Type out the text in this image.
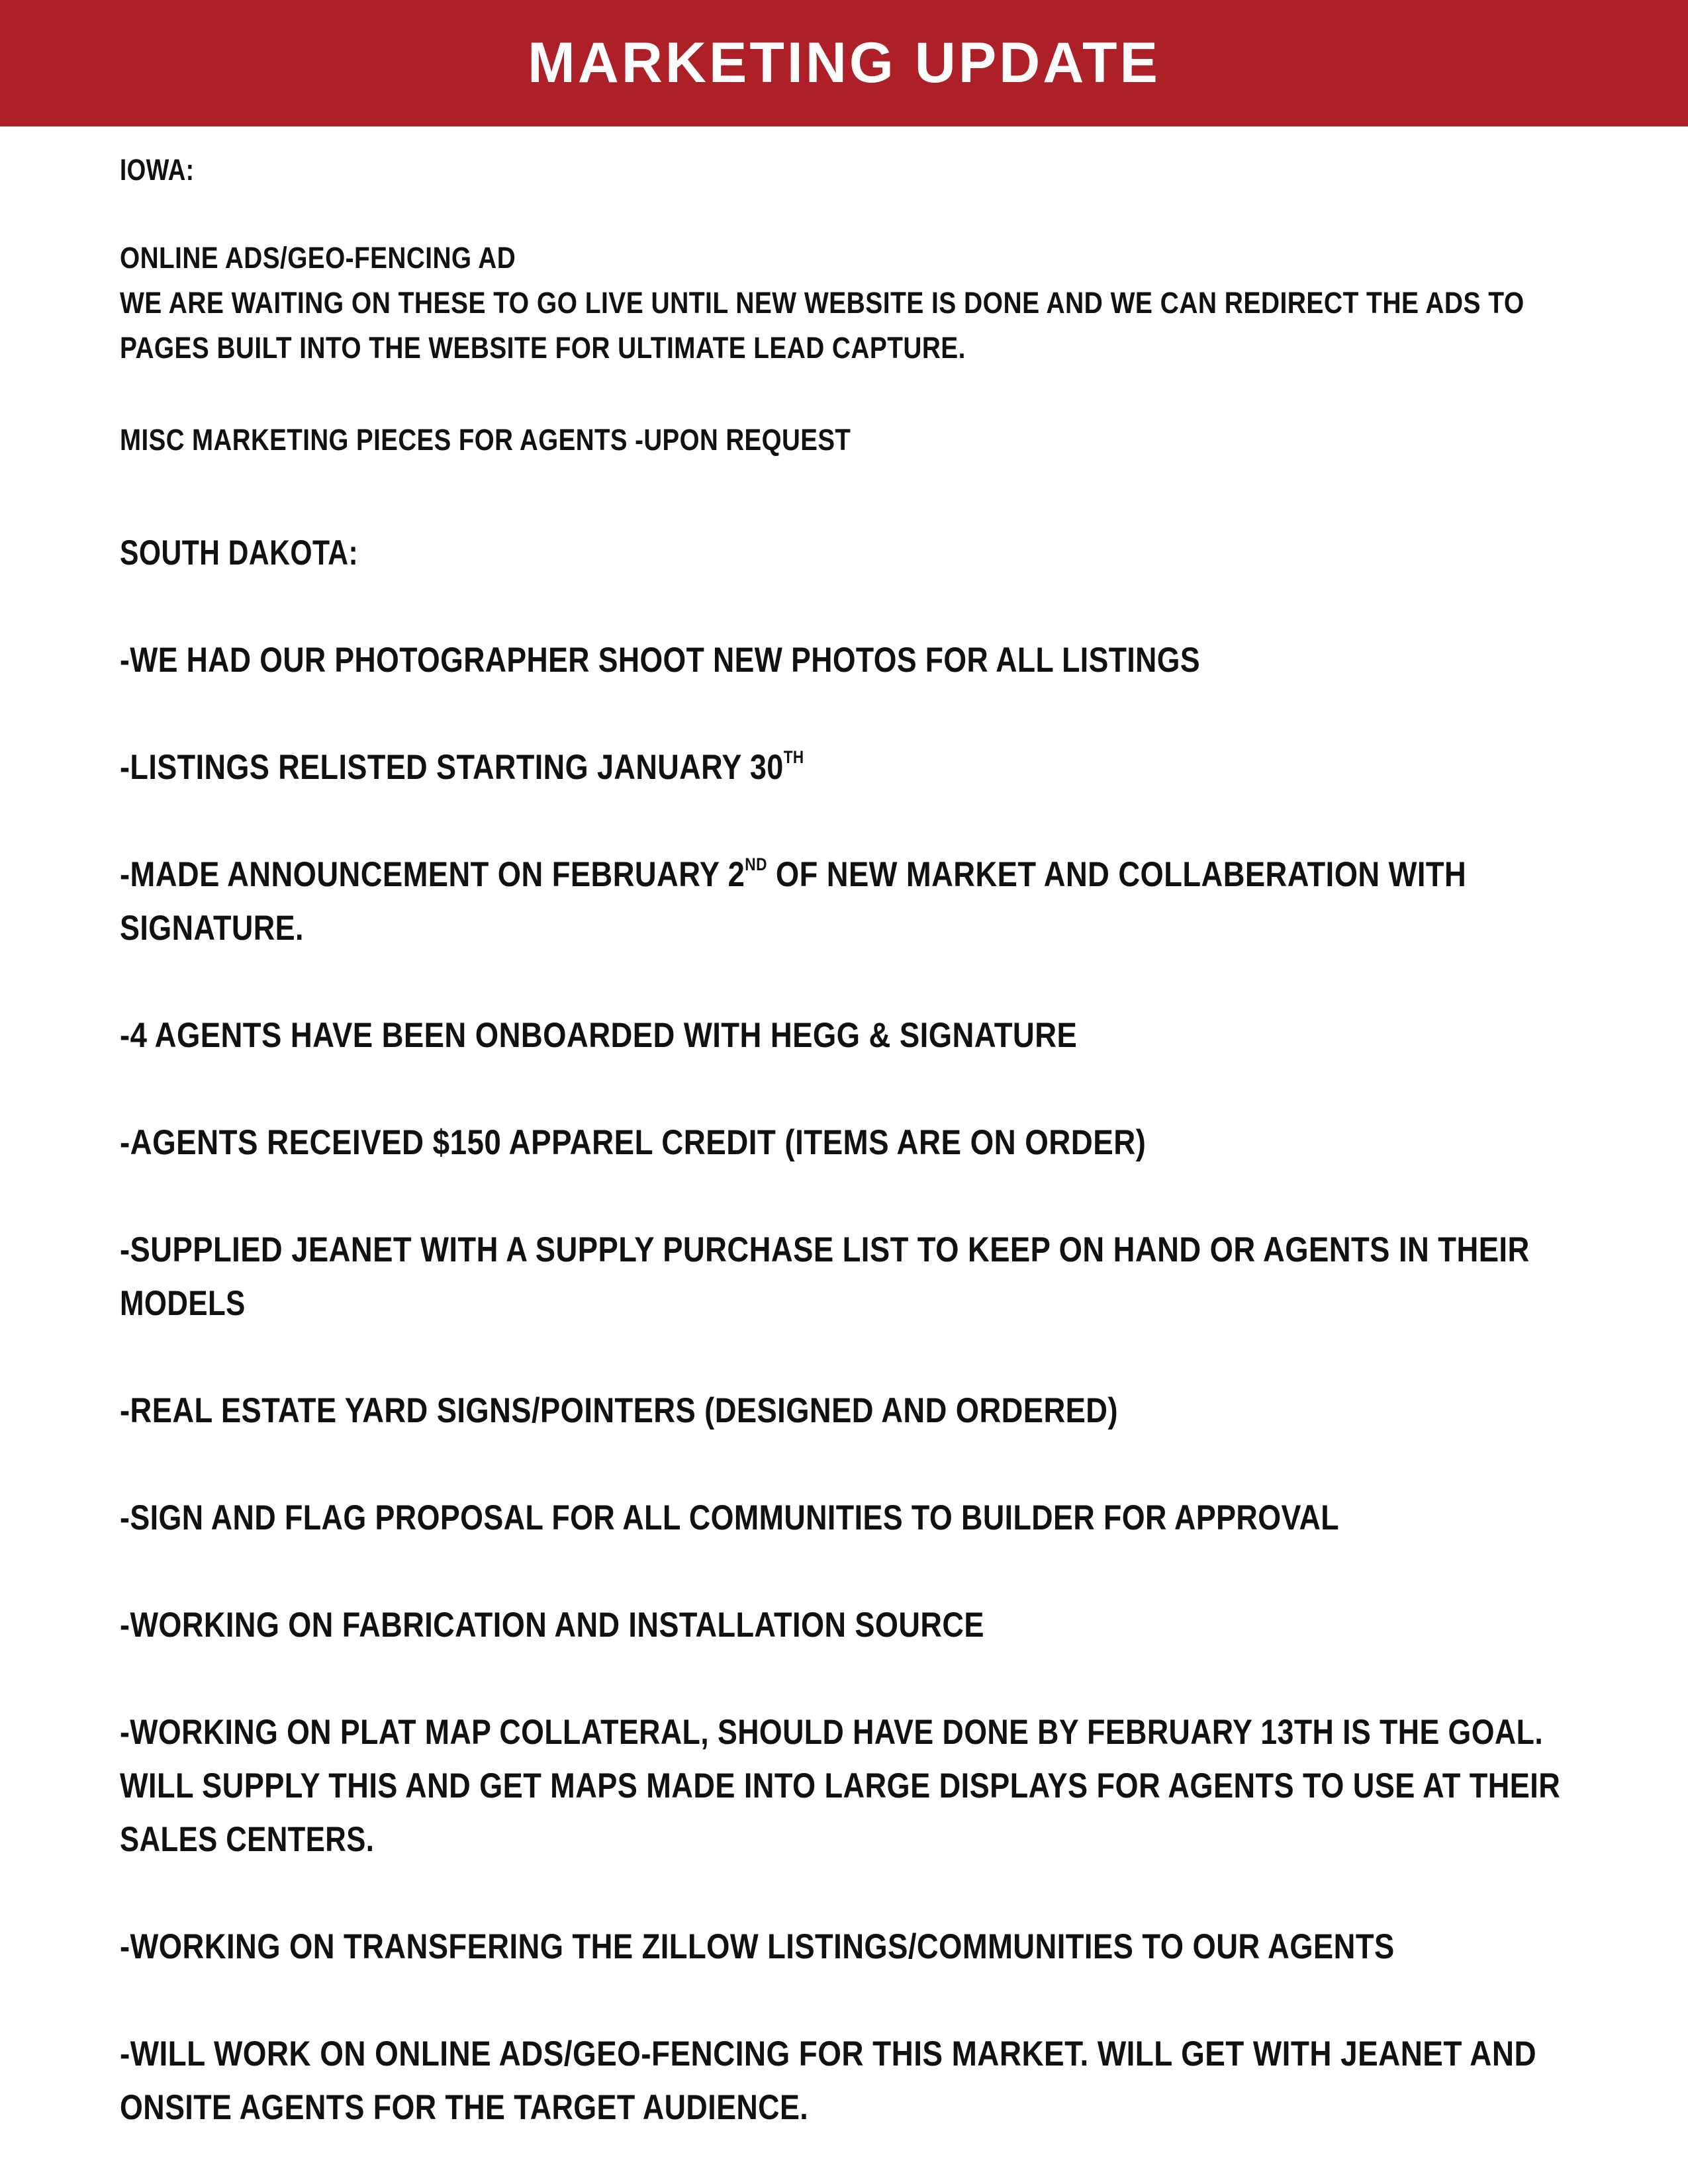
MARKETING UPDATE
IOWA:
ONLINE ADS/GEO-FENCING AD
WE ARE WAITING ON THESE TO GO LIVE UNTIL NEW WEBSITE IS DONE AND WE CAN REDIRECT THE ADS TO
PAGES BUILT INTO THE WEBSITE FOR ULTIMATE LEAD CAPTURE.
MISC MARKETING PIECES FOR AGENTS -UPON REQUEST
SOUTH DAKOTA:
-WE HAD OUR PHOTOGRAPHER SHOOT NEW PHOTOS FOR ALL LISTINGS
-LISTINGS RELISTED STARTING JANUARY 30TH
-MADE ANNOUNCEMENT ON FEBRUARY 2ND OF NEW MARKET AND COLLABERATION WITH
SIGNATURE.
-4 AGENTS HAVE BEEN ONBOARDED WITH HEGG & SIGNATURE
-AGENTS RECEIVED $150 APPAREL CREDIT (ITEMS ARE ON ORDER)
-SUPPLIED JEANET WITH A SUPPLY PURCHASE LIST TO KEEP ON HAND OR AGENTS IN THEIR
MODELS
-REAL ESTATE YARD SIGNS/POINTERS (DESIGNED AND ORDERED)
-SIGN AND FLAG PROPOSAL FOR ALL COMMUNITIES TO BUILDER FOR APPROVAL
-WORKING ON FABRICATION AND INSTALLATION SOURCE
-WORKING ON PLAT MAP COLLATERAL, SHOULD HAVE DONE BY FEBRUARY 13TH IS THE GOAL.
WILL SUPPLY THIS AND GET MAPS MADE INTO LARGE DISPLAYS FOR AGENTS TO USE AT THEIR
SALES CENTERS.
-WORKING ON TRANSFERING THE ZILLOW LISTINGS/COMMUNITIES TO OUR AGENTS
-WILL WORK ON ONLINE ADS/GEO-FENCING FOR THIS MARKET. WILL GET WITH JEANET AND
ONSITE AGENTS FOR THE TARGET AUDIENCE.
